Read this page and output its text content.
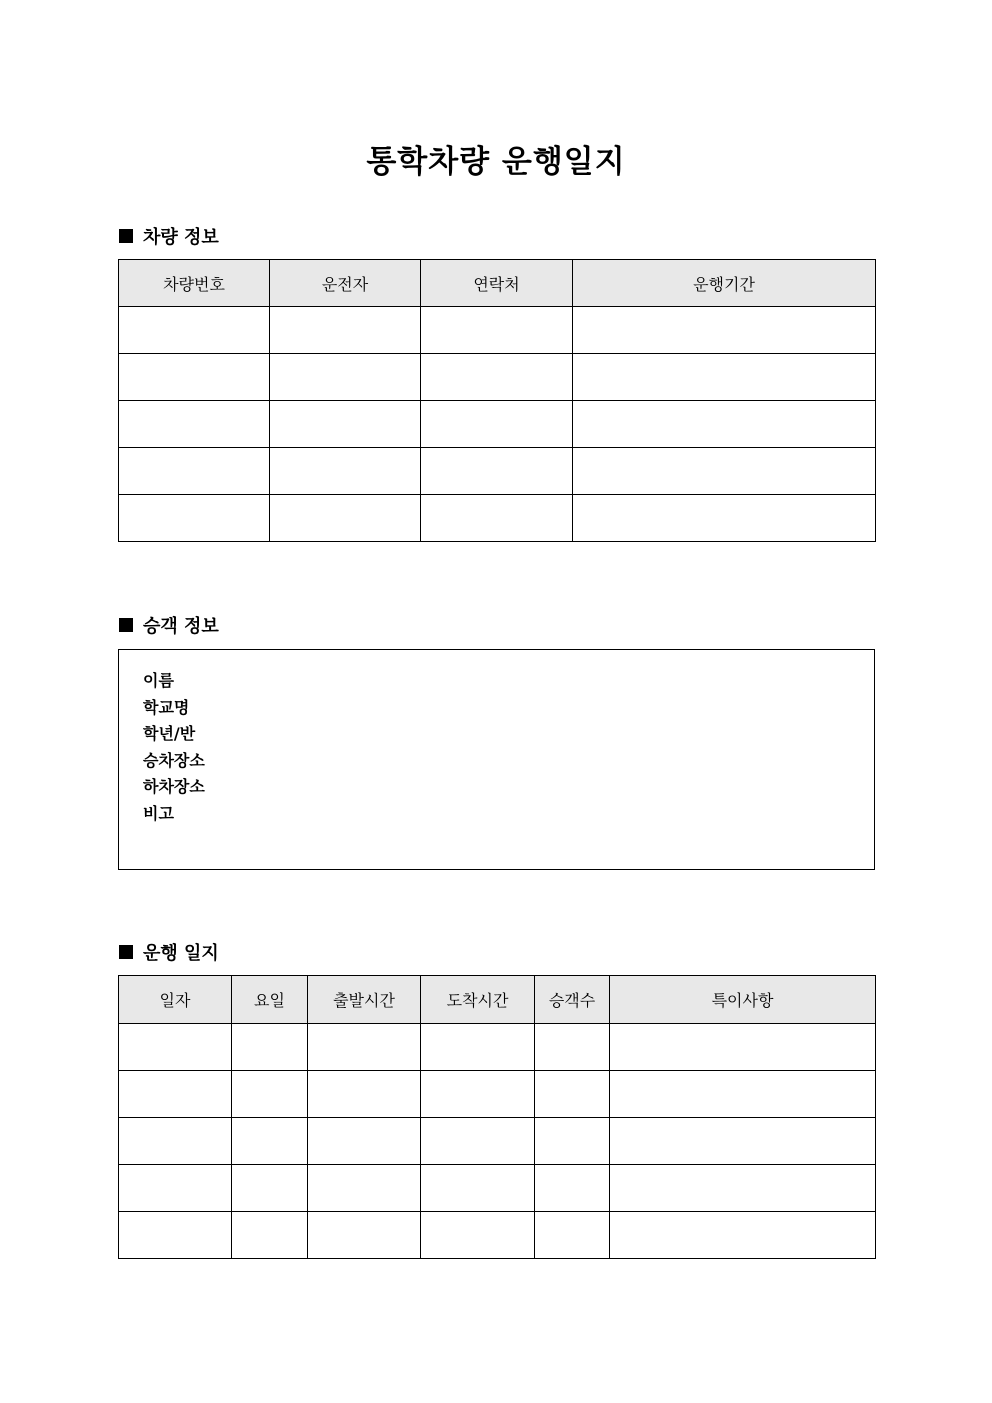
통학차량 운행일지
차량 정보
차량번호	운전자	연락처	운행기간

승객 정보
이름
학교명
학년/반
승차장소
하차장소
비고
운행 일지
일자	요일	출발시간	도착시간	승객수	특이사항
